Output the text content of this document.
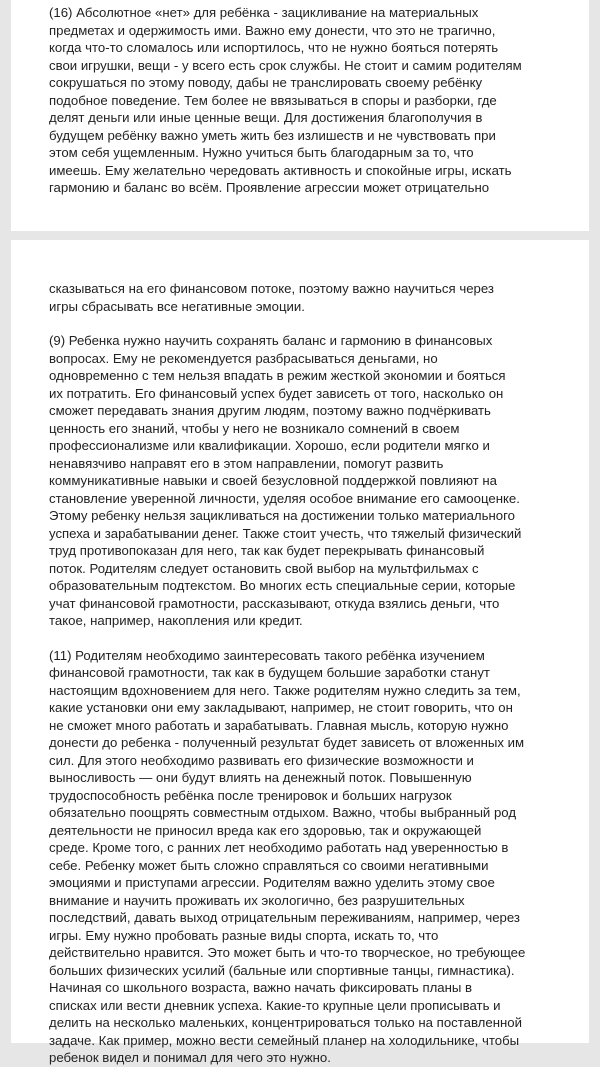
(16) Абсолютное «нет» для ребёнка - зацикливание на материальных
предметах и одержимость ими. Важно ему донести, что это не трагично,
когда что-то сломалось или испортилось, что не нужно бояться потерять
свои игрушки, вещи - у всего есть срок службы. Не стоит и самим родителям
сокрушаться по этому поводу, дабы не транслировать своему ребёнку
подобное поведение. Тем более не ввязываться в споры и разборки, где
делят деньги или иные ценные вещи. Для достижения благополучия в
будущем ребёнку важно уметь жить без излишеств и не чувствовать при
этом себя ущемленным. Нужно учиться быть благодарным за то, что
имеешь. Ему желательно чередовать активность и спокойные игры, искать
гармонию и баланс во всём. Проявление агрессии может отрицательно

сказываться на его финансовом потоке, поэтому важно научиться через
игры сбрасывать все негативные эмоции.

(9) Ребенка нужно научить сохранять баланс и гармонию в финансовых
вопросах. Ему не рекомендуется разбрасываться деньгами, но
одновременно с тем нельзя впадать в режим жесткой экономии и бояться
их потратить. Его финансовый успех будет зависеть от того, насколько он
сможет передавать знания другим людям, поэтому важно подчёркивать
ценность его знаний, чтобы у него не возникало сомнений в своем
профессионализме или квалификации. Хорошо, если родители мягко и
ненавязчиво направят его в этом направлении, помогут развить
коммуникативные навыки и своей безусловной поддержкой повлияют на
становление уверенной личности, уделяя особое внимание его самооценке.
Этому ребенку нельзя зацикливаться на достижении только материального
успеха и зарабатывании денег. Также стоит учесть, что тяжелый физический
труд противопоказан для него, так как будет перекрывать финансовый
поток. Родителям следует остановить свой выбор на мультфильмах с
образовательным подтекстом. Во многих есть специальные серии, которые
учат финансовой грамотности, рассказывают, откуда взялись деньги, что
такое, например, накопления или кредит.

(11) Родителям необходимо заинтересовать такого ребёнка изучением
финансовой грамотности, так как в будущем большие заработки станут
настоящим вдохновением для него. Также родителям нужно следить за тем,
какие установки они ему закладывают, например, не стоит говорить, что он
не сможет много работать и зарабатывать. Главная мысль, которую нужно
донести до ребенка - полученный результат будет зависеть от вложенных им
сил. Для этого необходимо развивать его физические возможности и
выносливость — они будут влиять на денежный поток. Повышенную
трудоспособность ребёнка после тренировок и больших нагрузок
обязательно поощрять совместным отдыхом. Важно, чтобы выбранный род
деятельности не приносил вреда как его здоровью, так и окружающей
среде. Кроме того, с ранних лет необходимо работать над уверенностью в
себе. Ребенку может быть сложно справляться со своими негативными
эмоциями и приступами агрессии. Родителям важно уделить этому свое
внимание и научить проживать их экологично, без разрушительных
последствий, давать выход отрицательным переживаниям, например, через
игры. Ему нужно пробовать разные виды спорта, искать то, что
действительно нравится. Это может быть и что-то творческое, но требующее
больших физических усилий (бальные или спортивные танцы, гимнастика).
Начиная со школьного возраста, важно начать фиксировать планы в
списках или вести дневник успеха. Какие-то крупные цели прописывать и
делить на несколько маленьких, концентрироваться только на поставленной
задаче. Как пример, можно вести семейный планер на холодильнике, чтобы
ребенок видел и понимал для чего это нужно.
